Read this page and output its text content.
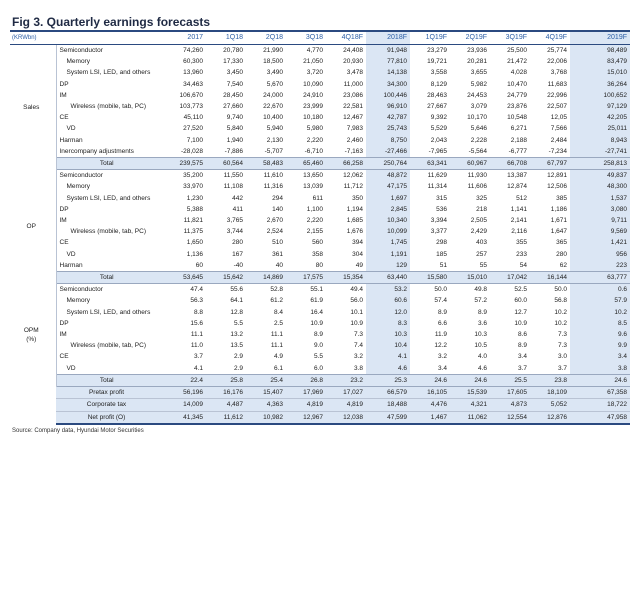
Fig 3. Quarterly earnings forecasts
(KRWbn)		2017	1Q18	2Q18	3Q18	4Q18F	2018F	1Q19F	2Q19F	3Q19F	4Q19F	2019F
Sales	Semiconductor	74,260	20,780	21,990	4,770	24,408	91,948	23,279	23,936	25,500	25,774	98,489
	Memory	60,300	17,330	18,500	21,050	20,930	77,810	19,721	20,281	21,472	22,006	83,479
	System LSI, LED, and others	13,960	3,450	3,490	3,720	3,478	14,138	3,558	3,655	4,028	3,768	15,010
	DP	34,463	7,540	5,670	10,090	11,000	34,300	8,129	5,982	10,470	11,683	36,264
	IM	106,670	28,450	24,000	24,910	23,086	100,446	28,463	24,453	24,779	22,996	100,652
	Wireless (mobile, tab, PC)	103,773	27,660	22,670	23,999	22,581	96,910	27,667	3,079	23,876	22,507	97,129
	CE	45,110	9,740	10,400	10,180	12,467	42,787	9,392	10,170	10,548	12,05	42,205
	VD	27,520	5,840	5,940	5,980	7,983	25,743	5,529	5,646	6,271	7,566	25,011
	Harman	7,100	1,940	2,130	2,220	2,460	8,750	2,043	2,228	2,188	2,484	8,943
	Inercompany adjustments	-28,028	-7,886	-5,707	-6,710	-7,163	-27,466	-7,965	-5,564	-6,777	-7,234	-27,741
	Total	239,575	60,564	58,483	65,460	66,258	250,764	63,341	60,967	66,708	67,797	258,813
OP	Semiconductor	35,200	11,550	11,610	13,650	12,062	48,872	11,629	11,930	13,387	12,891	49,837
	Memory	33,970	11,108	11,316	13,039	11,712	47,175	11,314	11,606	12,874	12,506	48,300
	System LSI, LED, and others	1,230	442	294	611	350	1,697	315	325	512	385	1,537
	DP	5,388	411	140	1,100	1,194	2,845	536	218	1,141	1,186	3,080
	IM	11,821	3,765	2,670	2,220	1,685	10,340	3,394	2,505	2,141	1,671	9,711
	Wireless (mobile, tab, PC)	11,375	3,744	2,524	2,155	1,676	10,099	3,377	2,429	2,116	1,647	9,569
	CE	1,650	280	510	560	394	1,745	298	403	355	365	1,421
	VD	1,136	167	361	358	304	1,191	185	257	233	280	956
	Harman	60	-40	40	80	49	129	51	55	54	62	223
	Total	53,645	15,642	14,869	17,575	15,354	63,440	15,580	15,010	17,042	16,144	63,777
OPM
(%)	Semiconductor	47.4	55.6	52.8	55.1	49.4	53.2	50.0	49.8	52.5	50.0	0.6
	Memory	56.3	64.1	61.2	61.9	56.0	60.6	57.4	57.2	60.0	56.8	57.9
	System LSI, LED, and others	8.8	12.8	8.4	16.4	10.1	12.0	8.9	8.9	12.7	10.2	10.2
	DP	15.6	5.5	2.5	10.9	10.9	8.3	6.6	3.6	10.9	10.2	8.5
	IM	11.1	13.2	11.1	8.9	7.3	10.3	11.9	10.3	8.6	7.3	9.6
	Wireless (mobile, tab, PC)	11.0	13.5	11.1	9.0	7.4	10.4	12.2	10.5	8.9	7.3	9.9
	CE	3.7	2.9	4.9	5.5	3.2	4.1	3.2	4.0	3.4	3.0	3.4
	VD	4.1	2.9	6.1	6.0	3.8	4.6	3.4	4.6	3.7	3.7	3.8
	Total	22.4	25.8	25.4	26.8	23.2	25.3	24.6	24.6	25.5	23.8	24.6
	Pretax profit	56,196	16,176	15,407	17,969	17,027	66,579	16,105	15,539	17,605	18,109	67,358
	Corporate tax	14,009	4,487	4,363	4,819	4,819	18,488	4,476	4,321	4,873	5,052	18,722
	Net profit (O)	41,345	11,612	10,982	12,967	12,038	47,599	1,467	11,062	12,554	12,876	47,958
Source: Company data, Hyundai Motor Securities
